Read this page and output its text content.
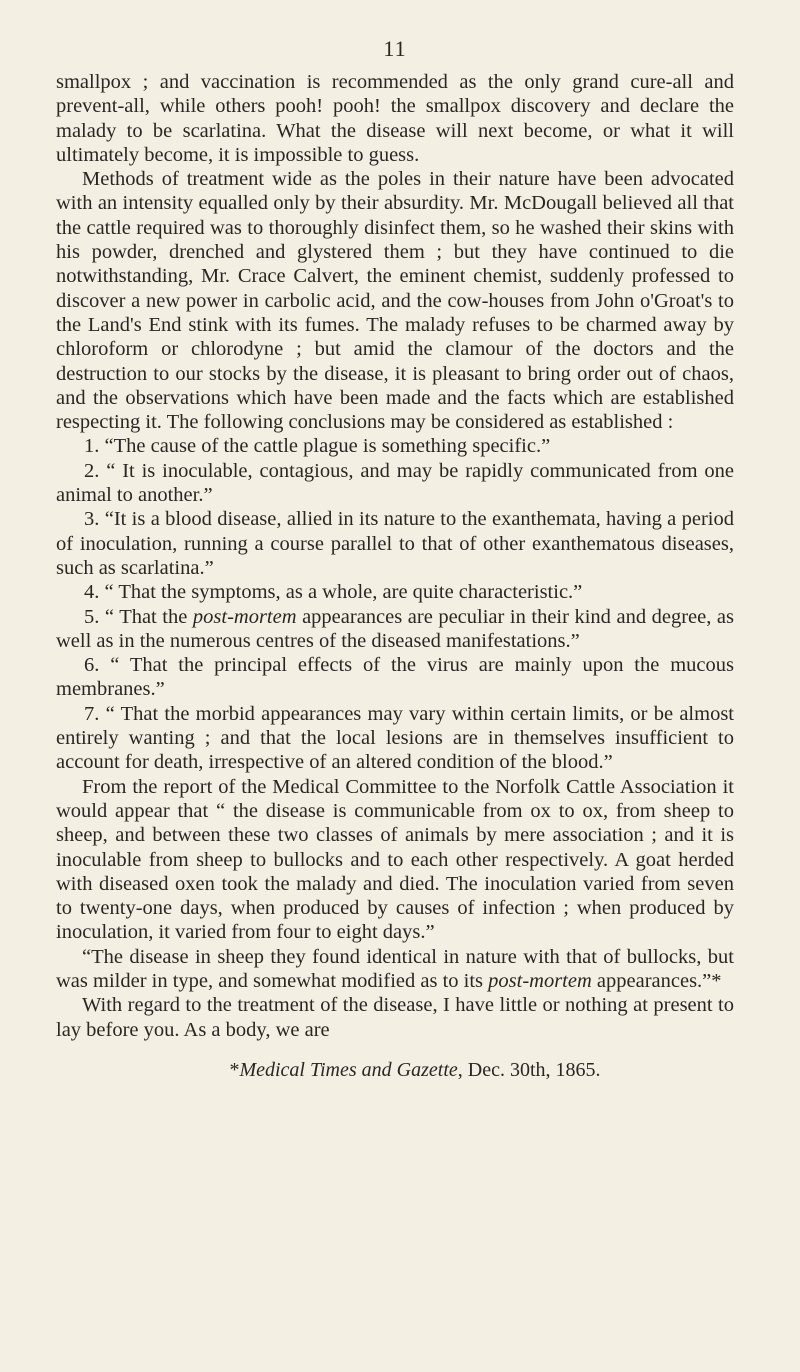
11

smallpox ; and vaccination is recommended as the only grand cure-all and prevent-all, while others pooh! pooh! the smallpox discovery and declare the malady to be scarlatina. What the disease will next become, or what it will ultimately become, it is impossible to guess.

Methods of treatment wide as the poles in their nature have been advocated with an intensity equalled only by their absurdity. Mr. McDougall believed all that the cattle required was to thoroughly disinfect them, so he washed their skins with his powder, drenched and glystered them ; but they have continued to die notwithstanding, Mr. Crace Calvert, the eminent chemist, suddenly professed to discover a new power in carbolic acid, and the cow-houses from John o'Groat's to the Land's End stink with its fumes. The malady refuses to be charmed away by chloroform or chlorodyne ; but amid the clamour of the doctors and the destruction to our stocks by the disease, it is pleasant to bring order out of chaos, and the observations which have been made and the facts which are established respecting it. The following conclusions may be considered as established :

1. “The cause of the cattle plague is something specific.”

2. “ It is inoculable, contagious, and may be rapidly communicated from one animal to another.”

3. “It is a blood disease, allied in its nature to the exanthemata, having a period of inoculation, running a course parallel to that of other exanthematous diseases, such as scarlatina.”

4. “ That the symptoms, as a whole, are quite characteristic.”

5. “ That the post-mortem appearances are peculiar in their kind and degree, as well as in the numerous centres of the diseased manifestations.”

6. “ That the principal effects of the virus are mainly upon the mucous membranes.”

7. “ That the morbid appearances may vary within certain limits, or be almost entirely wanting ; and that the local lesions are in themselves insufficient to account for death, irrespective of an altered condition of the blood.”

From the report of the Medical Committee to the Norfolk Cattle Association it would appear that “ the disease is communicable from ox to ox, from sheep to sheep, and between these two classes of animals by mere association ; and it is inoculable from sheep to bullocks and to each other respectively. A goat herded with diseased oxen took the malady and died. The inoculation varied from seven to twenty-one days, when produced by causes of infection ; when produced by inoculation, it varied from four to eight days.”

“The disease in sheep they found identical in nature with that of bullocks, but was milder in type, and somewhat modified as to its post-mortem appearances.”*

With regard to the treatment of the disease, I have little or nothing at present to lay before you. As a body, we are

*Medical Times and Gazette, Dec. 30th, 1865.
